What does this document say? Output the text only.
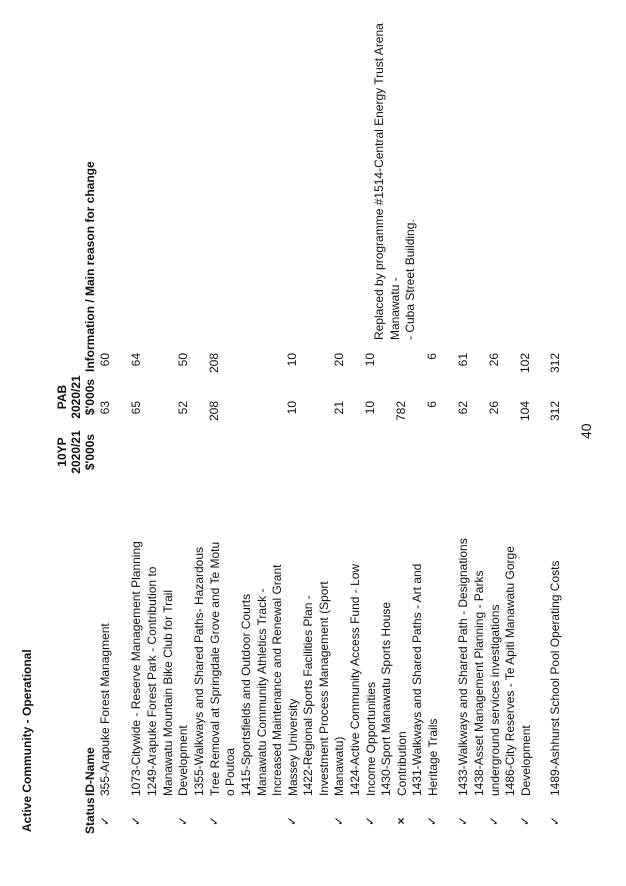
Active Community - Operational	Status
ID-Name
10YP 2020/21 $'000s
PAB 2020/21 $'000s
Information / Main reason for change
✓
355-Arapuke Forest Managment
63
60
✓
1073-Citywide - Reserve Management Planning
65
64
✓
1249-Arapuke Forest Park - Contribution to
Manawatu Mountain Bike Club for Trail
Development
52
50
✓
1355-Walkways and Shared Paths- Hazardous
Tree Removal at Springdale Grove and Te Motu
o Poutoa
208
208
✓
1415-Sportsfields and Outdoor Courts
Manawatu Community Athletics Track -
Increased Maintenance and Renewal Grant
Massey University
10
10
✓
1422-Regional Sports Facilities Plan -
Investment Process Management (Sport
Manawatu)
21
20
✓
1424-Active Community Access Fund - Low
Income Opportunities
10
10
×
1430-Sport Manawatu Sports House
Contribution
782
Replaced by programme #1514-Central Energy Trust Arena Manawatu -
- Cuba Street Building.
✓
1431-Walkways and Shared Paths - Art and
Heritage Trails
6
6
✓
1433-Walkways and Shared Path - Designations
62
61
✓
1438-Asset Management Planning - Parks
underground services investigations
26
26
✓
1486-City Reserves - Te Apiti Manawatu Gorge
Development
104
102
✓
1489-Ashhurst School Pool Operating Costs
312
312
40
